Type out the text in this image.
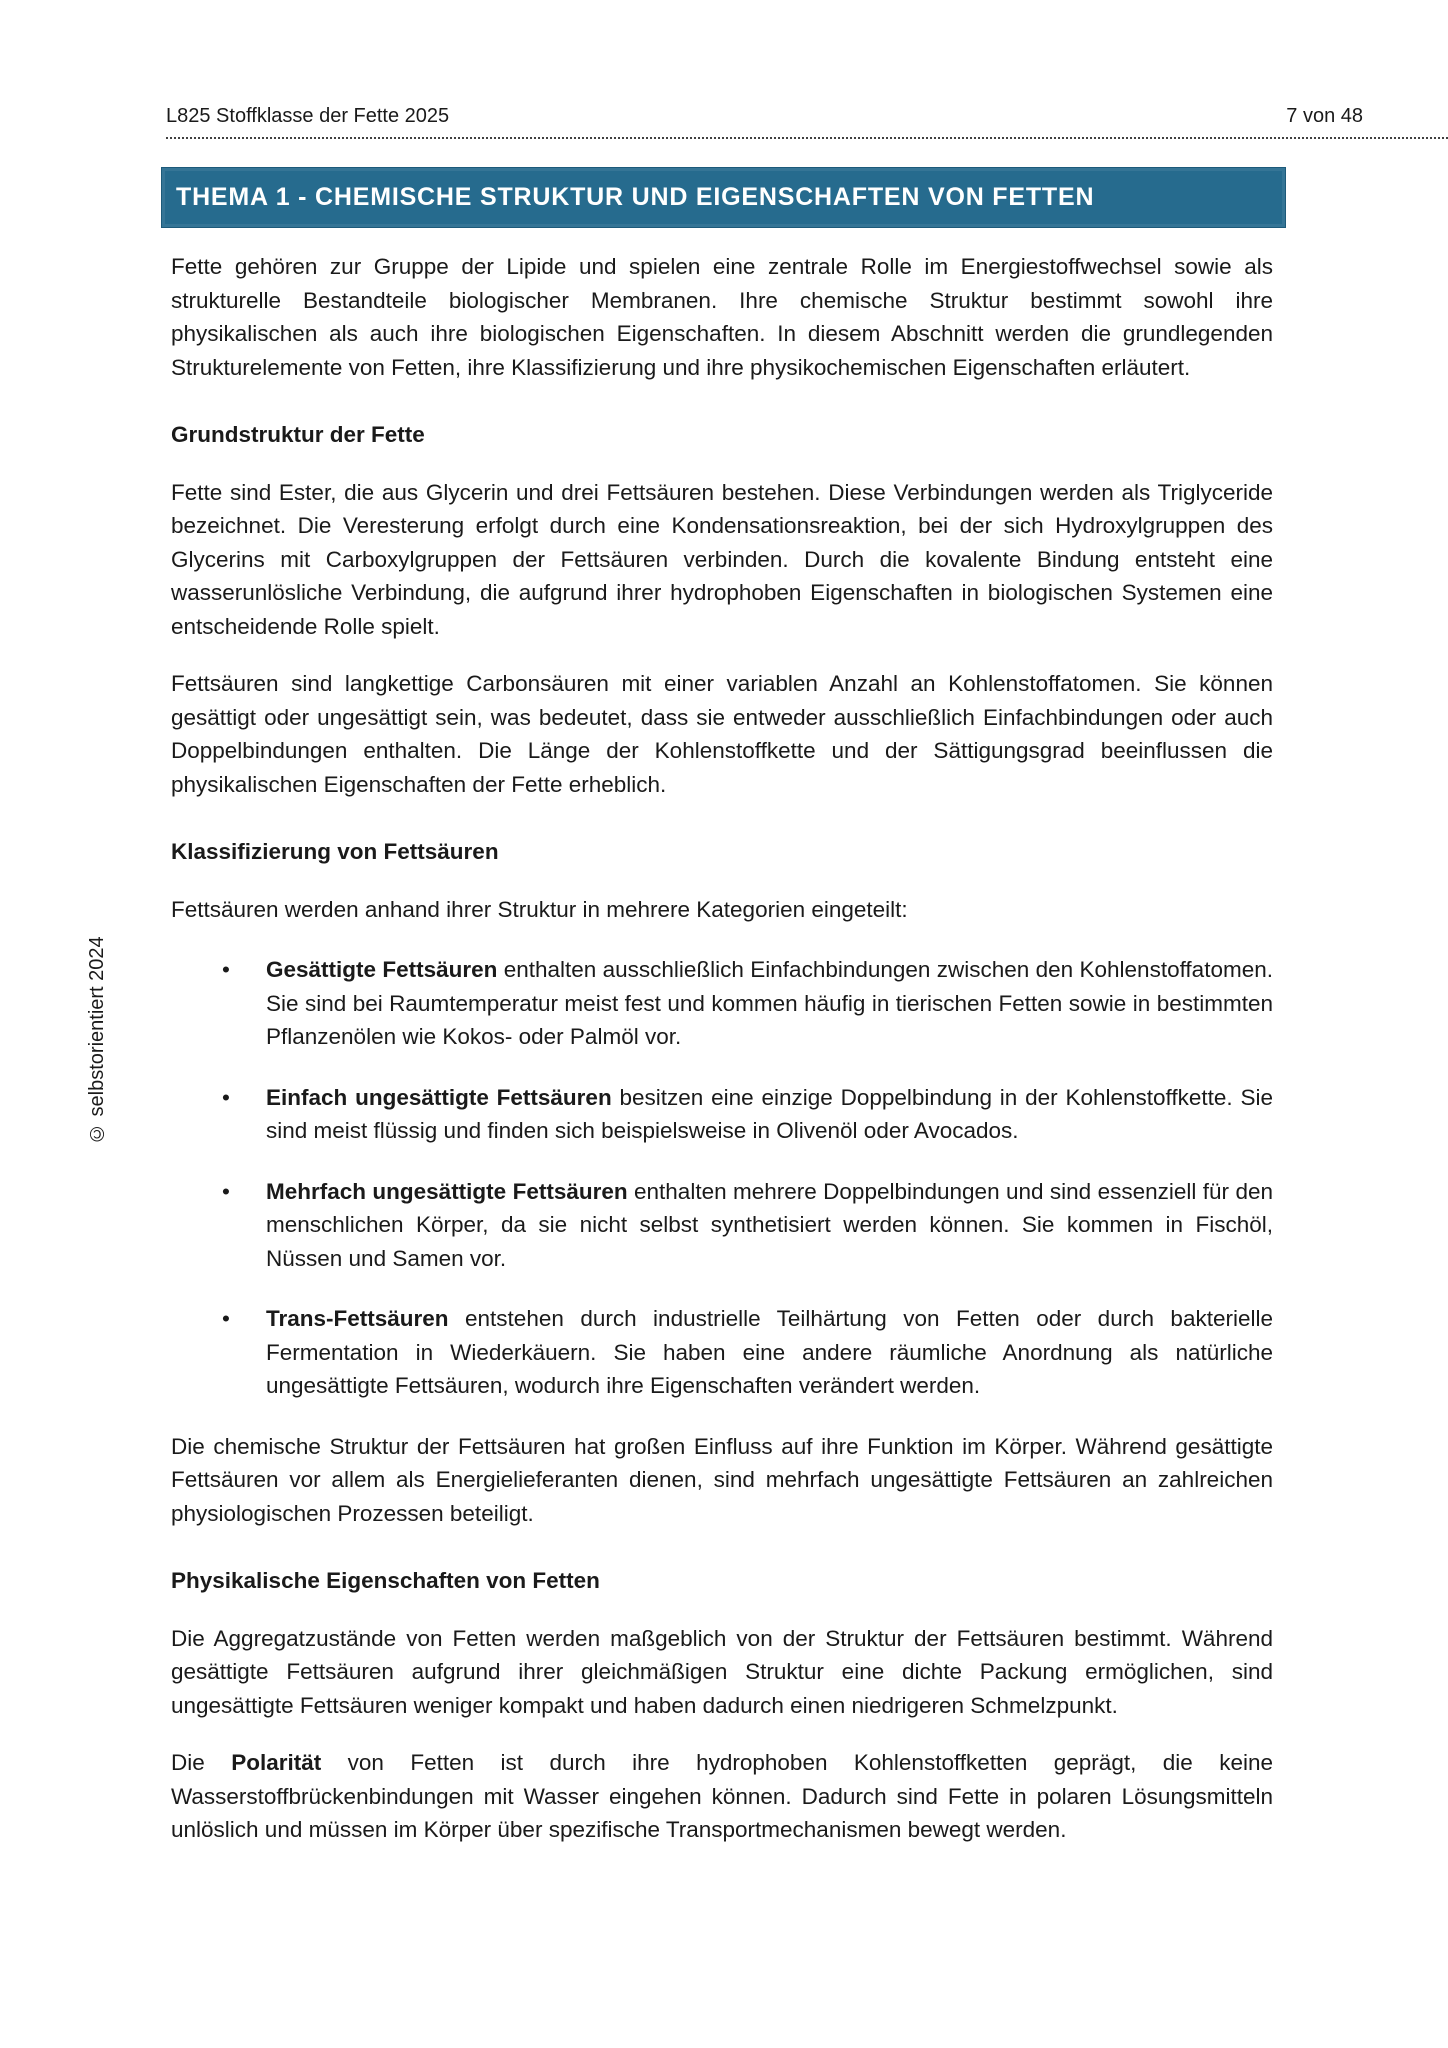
L825 Stoffklasse der Fette 2025	7 von 48
THEMA 1 - CHEMISCHE STRUKTUR UND EIGENSCHAFTEN VON FETTEN
© selbstorientiert 2024

Fette gehören zur Gruppe der Lipide und spielen eine zentrale Rolle im Energiestoffwechsel sowie als strukturelle Bestandteile biologischer Membranen. Ihre chemische Struktur bestimmt sowohl ihre physikalischen als auch ihre biologischen Eigenschaften. In diesem Abschnitt werden die grundlegenden Strukturelemente von Fetten, ihre Klassifizierung und ihre physikochemischen Eigenschaften erläutert.

Grundstruktur der Fette

Fette sind Ester, die aus Glycerin und drei Fettsäuren bestehen. Diese Verbindungen werden als Triglyceride bezeichnet. Die Veresterung erfolgt durch eine Kondensationsreaktion, bei der sich Hydroxylgruppen des Glycerins mit Carboxylgruppen der Fettsäuren verbinden. Durch die kovalente Bindung entsteht eine wasserunlösliche Verbindung, die aufgrund ihrer hydrophoben Eigenschaften in biologischen Systemen eine entscheidende Rolle spielt.

Fettsäuren sind langkettige Carbonsäuren mit einer variablen Anzahl an Kohlenstoffatomen. Sie können gesättigt oder ungesättigt sein, was bedeutet, dass sie entweder ausschließlich Einfachbindungen oder auch Doppelbindungen enthalten. Die Länge der Kohlenstoffkette und der Sättigungsgrad beeinflussen die physikalischen Eigenschaften der Fette erheblich.

Klassifizierung von Fettsäuren

Fettsäuren werden anhand ihrer Struktur in mehrere Kategorien eingeteilt:

• Gesättigte Fettsäuren enthalten ausschließlich Einfachbindungen zwischen den Kohlenstoffatomen. Sie sind bei Raumtemperatur meist fest und kommen häufig in tierischen Fetten sowie in bestimmten Pflanzenölen wie Kokos- oder Palmöl vor.
• Einfach ungesättigte Fettsäuren besitzen eine einzige Doppelbindung in der Kohlenstoffkette. Sie sind meist flüssig und finden sich beispielsweise in Olivenöl oder Avocados.
• Mehrfach ungesättigte Fettsäuren enthalten mehrere Doppelbindungen und sind essenziell für den menschlichen Körper, da sie nicht selbst synthetisiert werden können. Sie kommen in Fischöl, Nüssen und Samen vor.
• Trans-Fettsäuren entstehen durch industrielle Teilhärtung von Fetten oder durch bakterielle Fermentation in Wiederkäuern. Sie haben eine andere räumliche Anordnung als natürliche ungesättigte Fettsäuren, wodurch ihre Eigenschaften verändert werden.

Die chemische Struktur der Fettsäuren hat großen Einfluss auf ihre Funktion im Körper. Während gesättigte Fettsäuren vor allem als Energielieferanten dienen, sind mehrfach ungesättigte Fettsäuren an zahlreichen physiologischen Prozessen beteiligt.

Physikalische Eigenschaften von Fetten

Die Aggregatzustände von Fetten werden maßgeblich von der Struktur der Fettsäuren bestimmt. Während gesättigte Fettsäuren aufgrund ihrer gleichmäßigen Struktur eine dichte Packung ermöglichen, sind ungesättigte Fettsäuren weniger kompakt und haben dadurch einen niedrigeren Schmelzpunkt.

Die Polarität von Fetten ist durch ihre hydrophoben Kohlenstoffketten geprägt, die keine Wasserstoffbrückenbindungen mit Wasser eingehen können. Dadurch sind Fette in polaren Lösungsmitteln unlöslich und müssen im Körper über spezifische Transportmechanismen bewegt werden.
